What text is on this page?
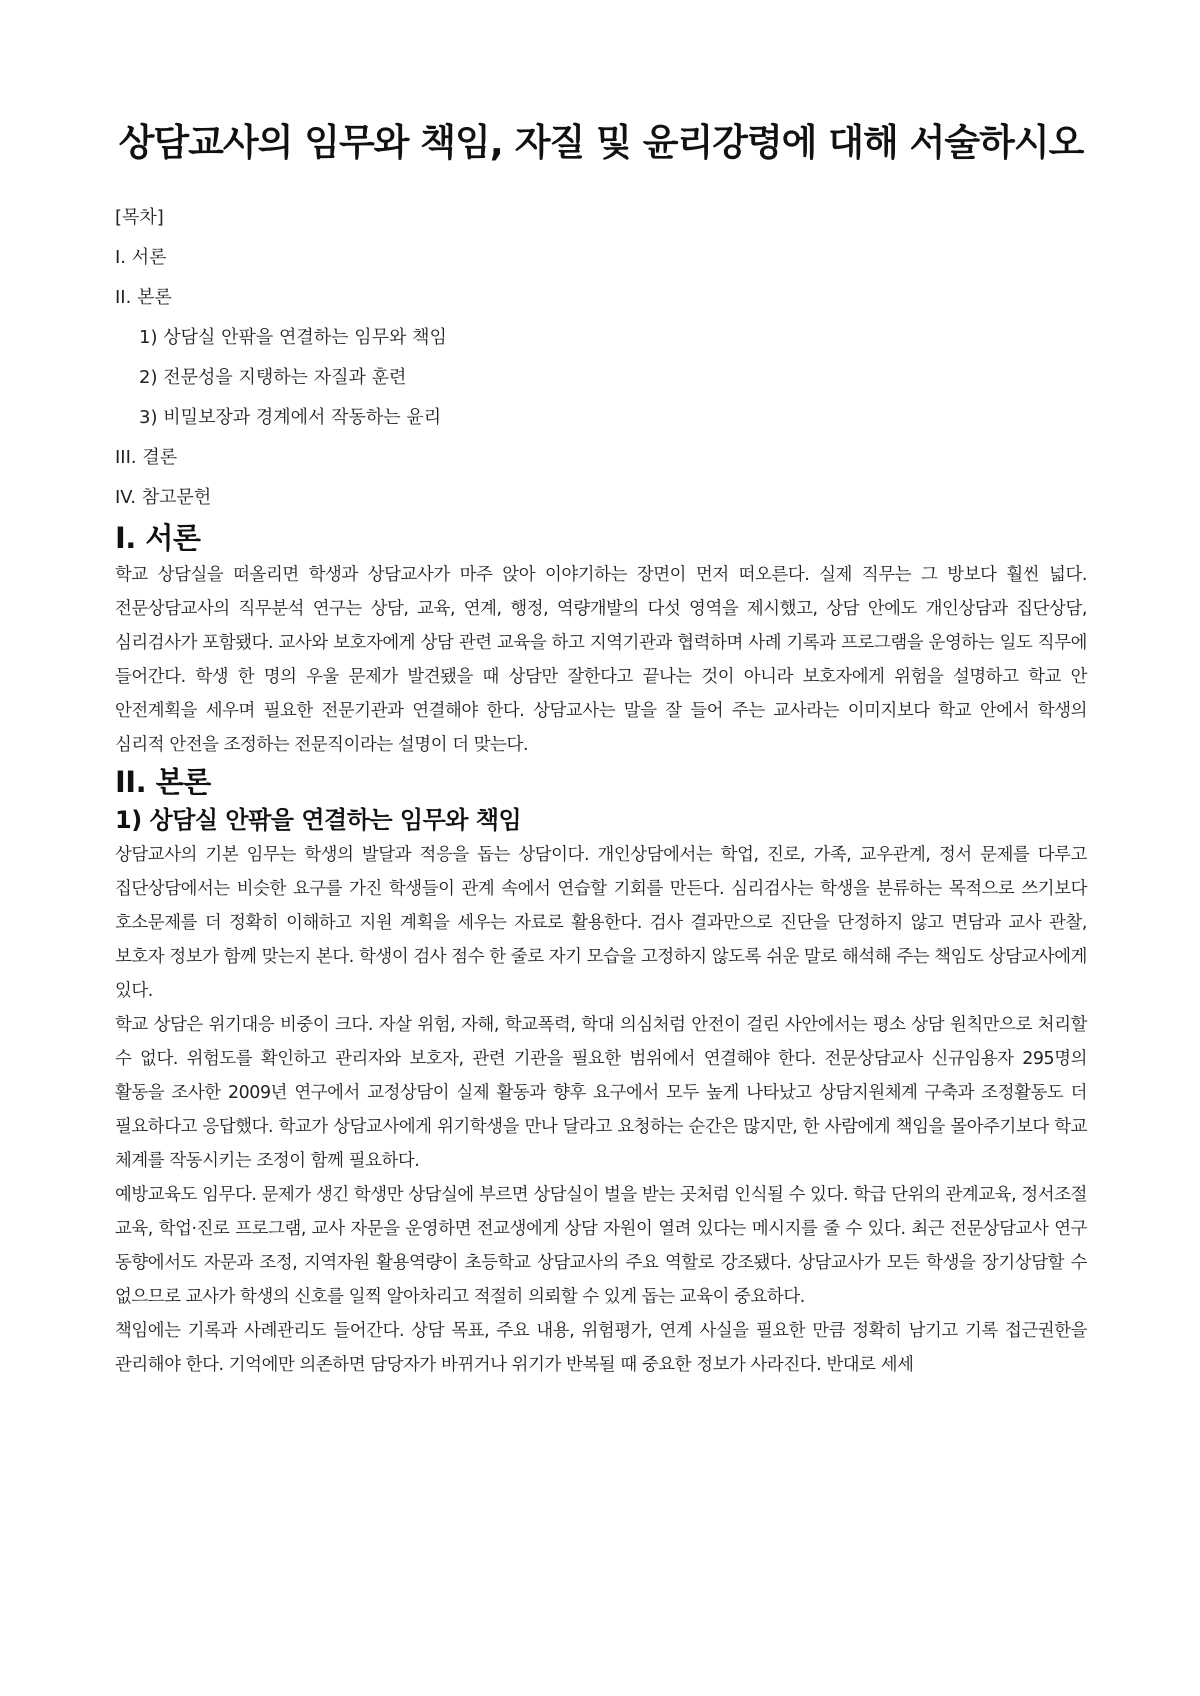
상담교사의 임무와 책임, 자질 및 윤리강령에 대해 서술하시오
[목차]
I. 서론
II. 본론
1) 상담실 안팎을 연결하는 임무와 책임
2) 전문성을 지탱하는 자질과 훈련
3) 비밀보장과 경계에서 작동하는 윤리
III. 결론
IV. 참고문헌
I. 서론

학교 상담실을 떠올리면 학생과 상담교사가 마주 앉아 이야기하는 장면이 먼저 떠오른다. 실제 직무는 그 방보다 훨씬 넓다. 전문상담교사의 직무분석 연구는 상담, 교육, 연계, 행정, 역량개발의 다섯 영역을 제시했고, 상담 안에도 개인상담과 집단상담, 심리검사가 포함됐다. 교사와 보호자에게 상담 관련 교육을 하고 지역기관과 협력하며 사례 기록과 프로그램을 운영하는 일도 직무에 들어간다. 학생 한 명의 우울 문제가 발견됐을 때 상담만 잘한다고 끝나는 것이 아니라 보호자에게 위험을 설명하고 학교 안 안전계획을 세우며 필요한 전문기관과 연결해야 한다. 상담교사는 말을 잘 들어 주는 교사라는 이미지보다 학교 안에서 학생의 심리적 안전을 조정하는 전문직이라는 설명이 더 맞는다.

II. 본론
1) 상담실 안팎을 연결하는 임무와 책임

상담교사의 기본 임무는 학생의 발달과 적응을 돕는 상담이다. 개인상담에서는 학업, 진로, 가족, 교우관계, 정서 문제를 다루고 집단상담에서는 비슷한 요구를 가진 학생들이 관계 속에서 연습할 기회를 만든다. 심리검사는 학생을 분류하는 목적으로 쓰기보다 호소문제를 더 정확히 이해하고 지원 계획을 세우는 자료로 활용한다. 검사 결과만으로 진단을 단정하지 않고 면담과 교사 관찰, 보호자 정보가 함께 맞는지 본다. 학생이 검사 점수 한 줄로 자기 모습을 고정하지 않도록 쉬운 말로 해석해 주는 책임도 상담교사에게 있다.

학교 상담은 위기대응 비중이 크다. 자살 위험, 자해, 학교폭력, 학대 의심처럼 안전이 걸린 사안에서는 평소 상담 원칙만으로 처리할 수 없다. 위험도를 확인하고 관리자와 보호자, 관련 기관을 필요한 범위에서 연결해야 한다. 전문상담교사 신규임용자 295명의 활동을 조사한 2009년 연구에서 교정상담이 실제 활동과 향후 요구에서 모두 높게 나타났고 상담지원체계 구축과 조정활동도 더 필요하다고 응답했다. 학교가 상담교사에게 위기학생을 만나 달라고 요청하는 순간은 많지만, 한 사람에게 책임을 몰아주기보다 학교 체계를 작동시키는 조정이 함께 필요하다.

예방교육도 임무다. 문제가 생긴 학생만 상담실에 부르면 상담실이 벌을 받는 곳처럼 인식될 수 있다. 학급 단위의 관계교육, 정서조절 교육, 학업·진로 프로그램, 교사 자문을 운영하면 전교생에게 상담 자원이 열려 있다는 메시지를 줄 수 있다. 최근 전문상담교사 연구 동향에서도 자문과 조정, 지역자원 활용역량이 초등학교 상담교사의 주요 역할로 강조됐다. 상담교사가 모든 학생을 장기상담할 수 없으므로 교사가 학생의 신호를 일찍 알아차리고 적절히 의뢰할 수 있게 돕는 교육이 중요하다.

책임에는 기록과 사례관리도 들어간다. 상담 목표, 주요 내용, 위험평가, 연계 사실을 필요한 만큼 정확히 남기고 기록 접근권한을 관리해야 한다. 기억에만 의존하면 담당자가 바뀌거나 위기가 반복될 때 중요한 정보가 사라진다. 반대로 세세
